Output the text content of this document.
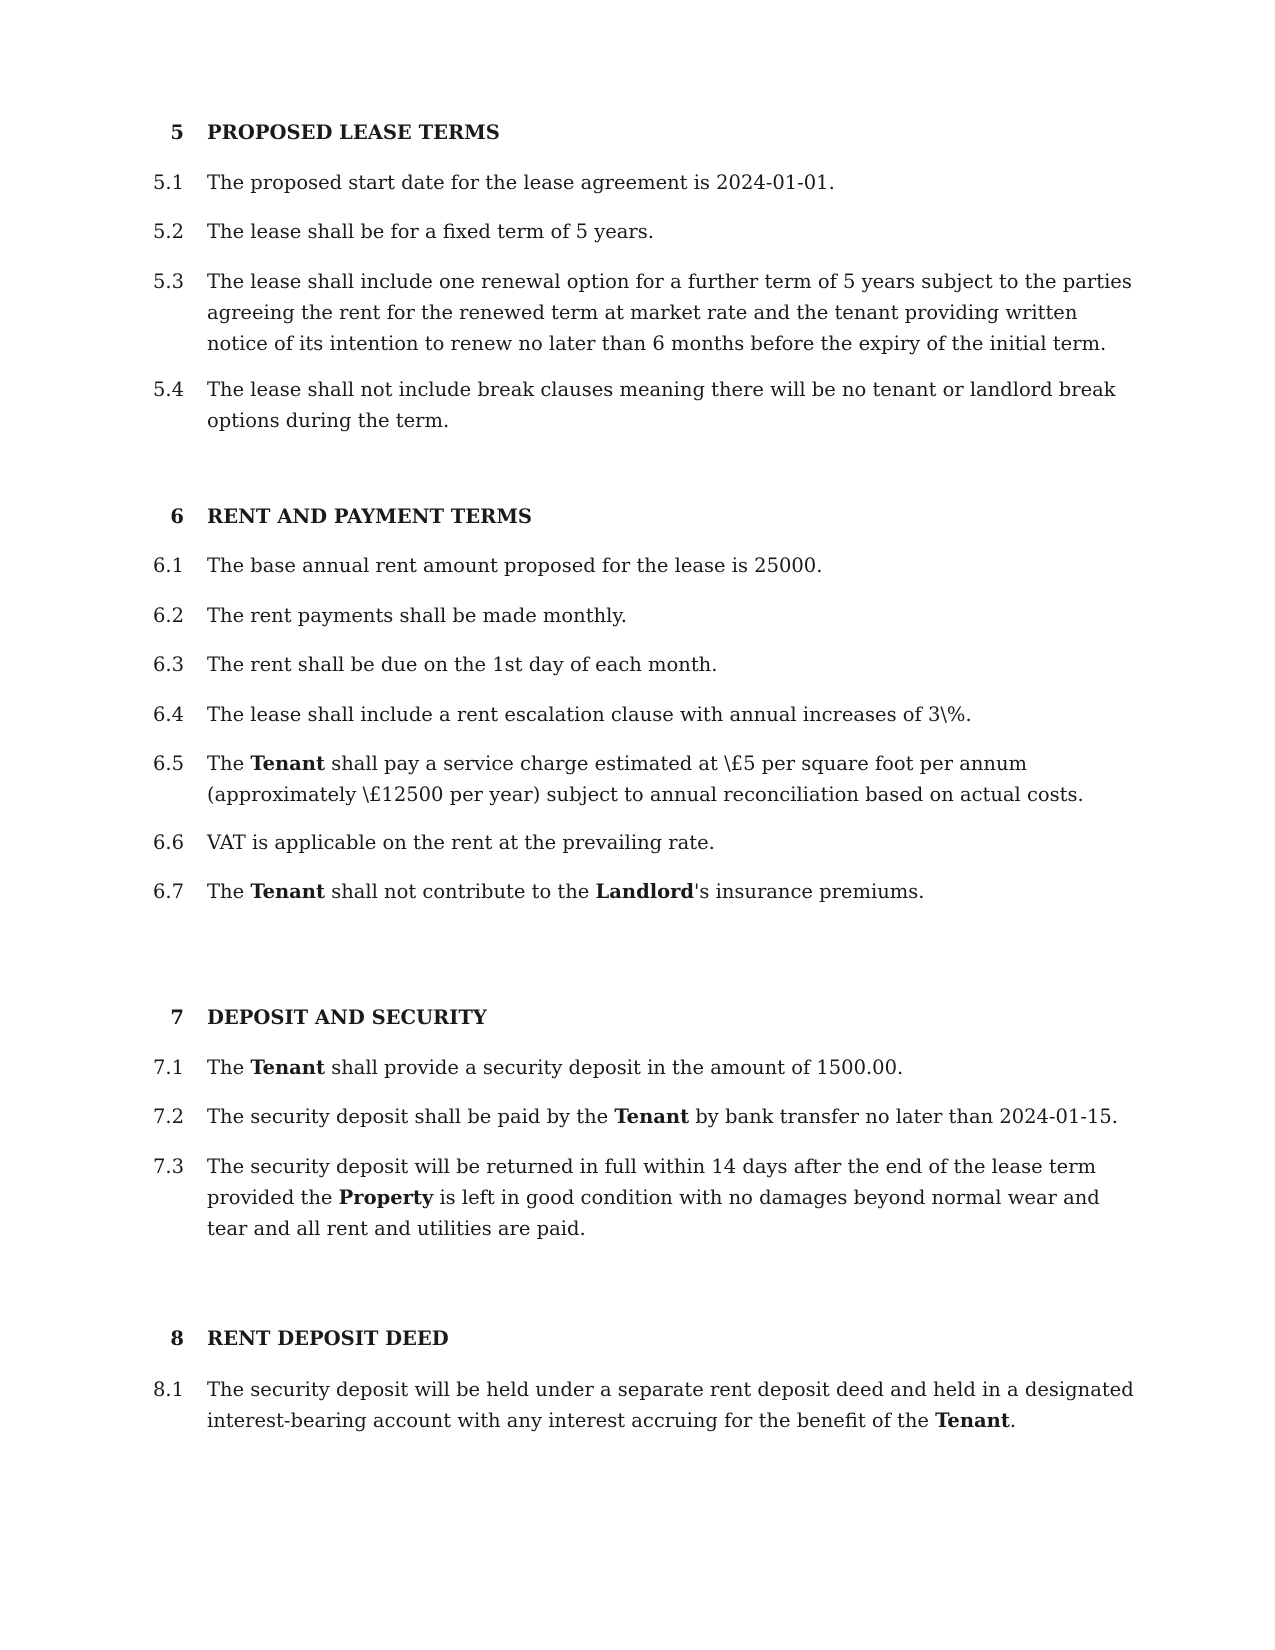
5 PROPOSED LEASE TERMS
5.1 The proposed start date for the lease agreement is 2024-01-01.
5.2 The lease shall be for a fixed term of 5 years.
5.3 The lease shall include one renewal option for a further term of 5 years subject to the parties agreeing the rent for the renewed term at market rate and the tenant providing written notice of its intention to renew no later than 6 months before the expiry of the initial term.
5.4 The lease shall not include break clauses meaning there will be no tenant or landlord break options during the term.
6 RENT AND PAYMENT TERMS
6.1 The base annual rent amount proposed for the lease is 25000.
6.2 The rent payments shall be made monthly.
6.3 The rent shall be due on the 1st day of each month.
6.4 The lease shall include a rent escalation clause with annual increases of 3\%.
6.5 The Tenant shall pay a service charge estimated at \£5 per square foot per annum (approximately \£12500 per year) subject to annual reconciliation based on actual costs.
6.6 VAT is applicable on the rent at the prevailing rate.
6.7 The Tenant shall not contribute to the Landlord's insurance premiums.
7 DEPOSIT AND SECURITY
7.1 The Tenant shall provide a security deposit in the amount of 1500.00.
7.2 The security deposit shall be paid by the Tenant by bank transfer no later than 2024-01-15.
7.3 The security deposit will be returned in full within 14 days after the end of the lease term provided the Property is left in good condition with no damages beyond normal wear and tear and all rent and utilities are paid.
8 RENT DEPOSIT DEED
8.1 The security deposit will be held under a separate rent deposit deed and held in a designated interest-bearing account with any interest accruing for the benefit of the Tenant.
